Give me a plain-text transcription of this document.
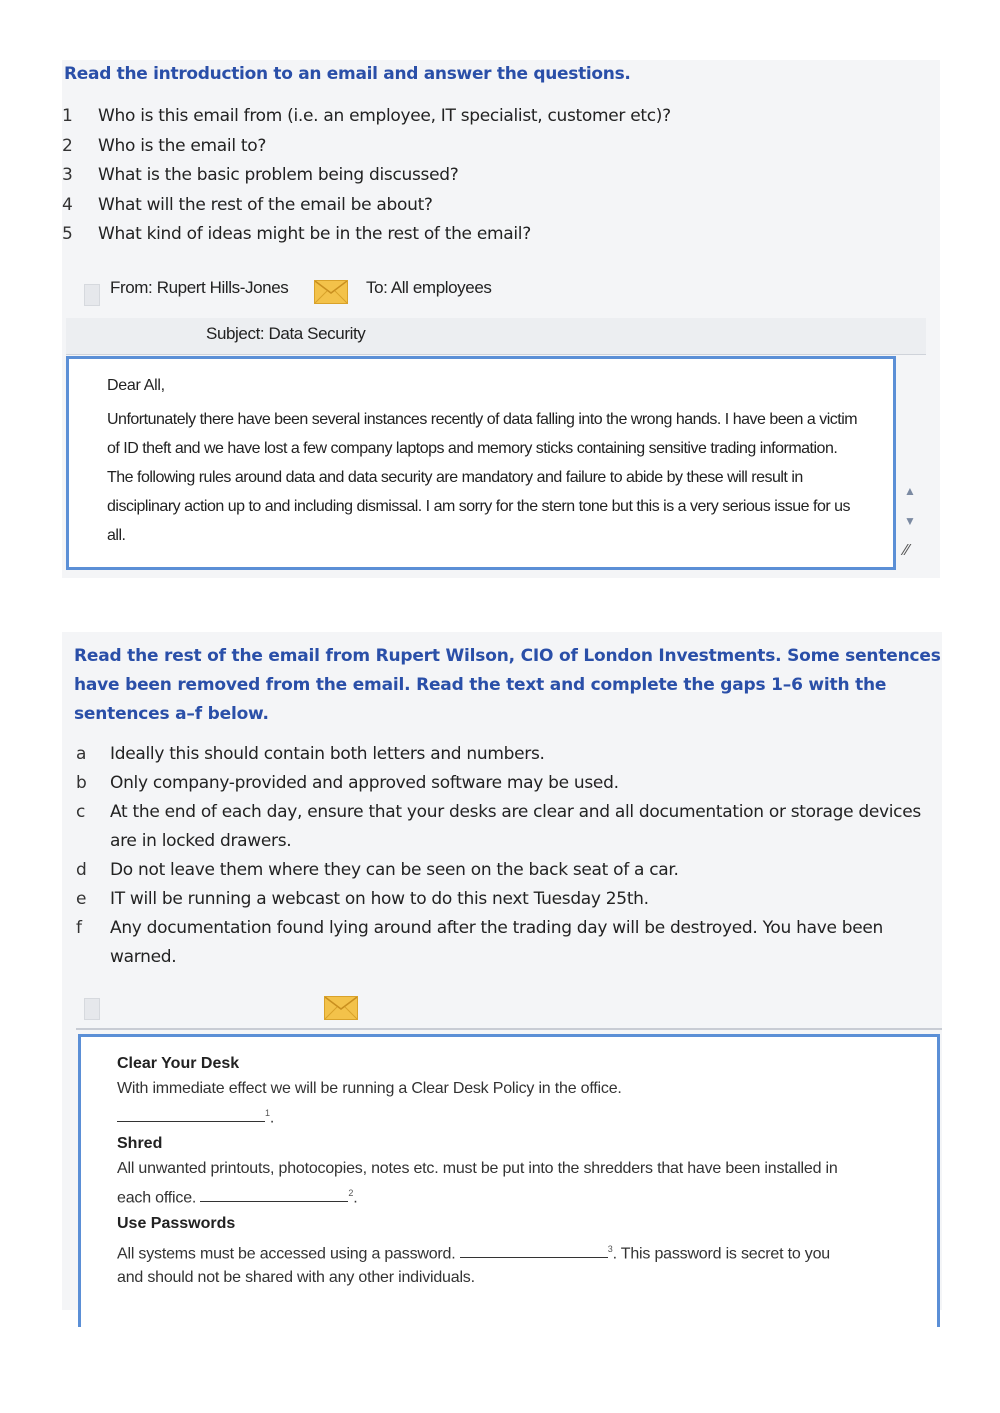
Read the introduction to an email and answer the questions.
1	Who is this email from (i.e. an employee, IT specialist, customer etc)?
2	Who is the email to?
3	What is the basic problem being discussed?
4	What will the rest of the email be about?
5	What kind of ideas might be in the rest of the email?
From: Rupert Hills-Jones	To: All employees
Subject: Data Security
Dear All,
Unfortunately there have been several instances recently of data falling into the wrong hands. I have been a victim of ID theft and we have lost a few company laptops and memory sticks containing sensitive trading information. The following rules around data and data security are mandatory and failure to abide by these will result in disciplinary action up to and including dismissal. I am sorry for the stern tone but this is a very serious issue for us all.
▲
▼
⁄⁄
Read the rest of the email from Rupert Wilson, CIO of London Investments. Some sentences have been removed from the email. Read the text and complete the gaps 1–6 with the sentences a–f below.
a	Ideally this should contain both letters and numbers.
b	Only company-provided and approved software may be used.
c	At the end of each day, ensure that your desks are clear and all documentation or storage devices are in locked drawers.
d	Do not leave them where they can be seen on the back seat of a car.
e	IT will be running a webcast on how to do this next Tuesday 25th.
f	Any documentation found lying around after the trading day will be destroyed. You have been warned.
Clear Your Desk
With immediate effect we will be running a Clear Desk Policy in the office.
$^1$.
Shred
All unwanted printouts, photocopies, notes etc. must be put into the shredders that have been installed in each office.	$^2$.
Use Passwords
All systems must be accessed using a password.	$^3$. This password is secret to you and should not be shared with any other individuals.
